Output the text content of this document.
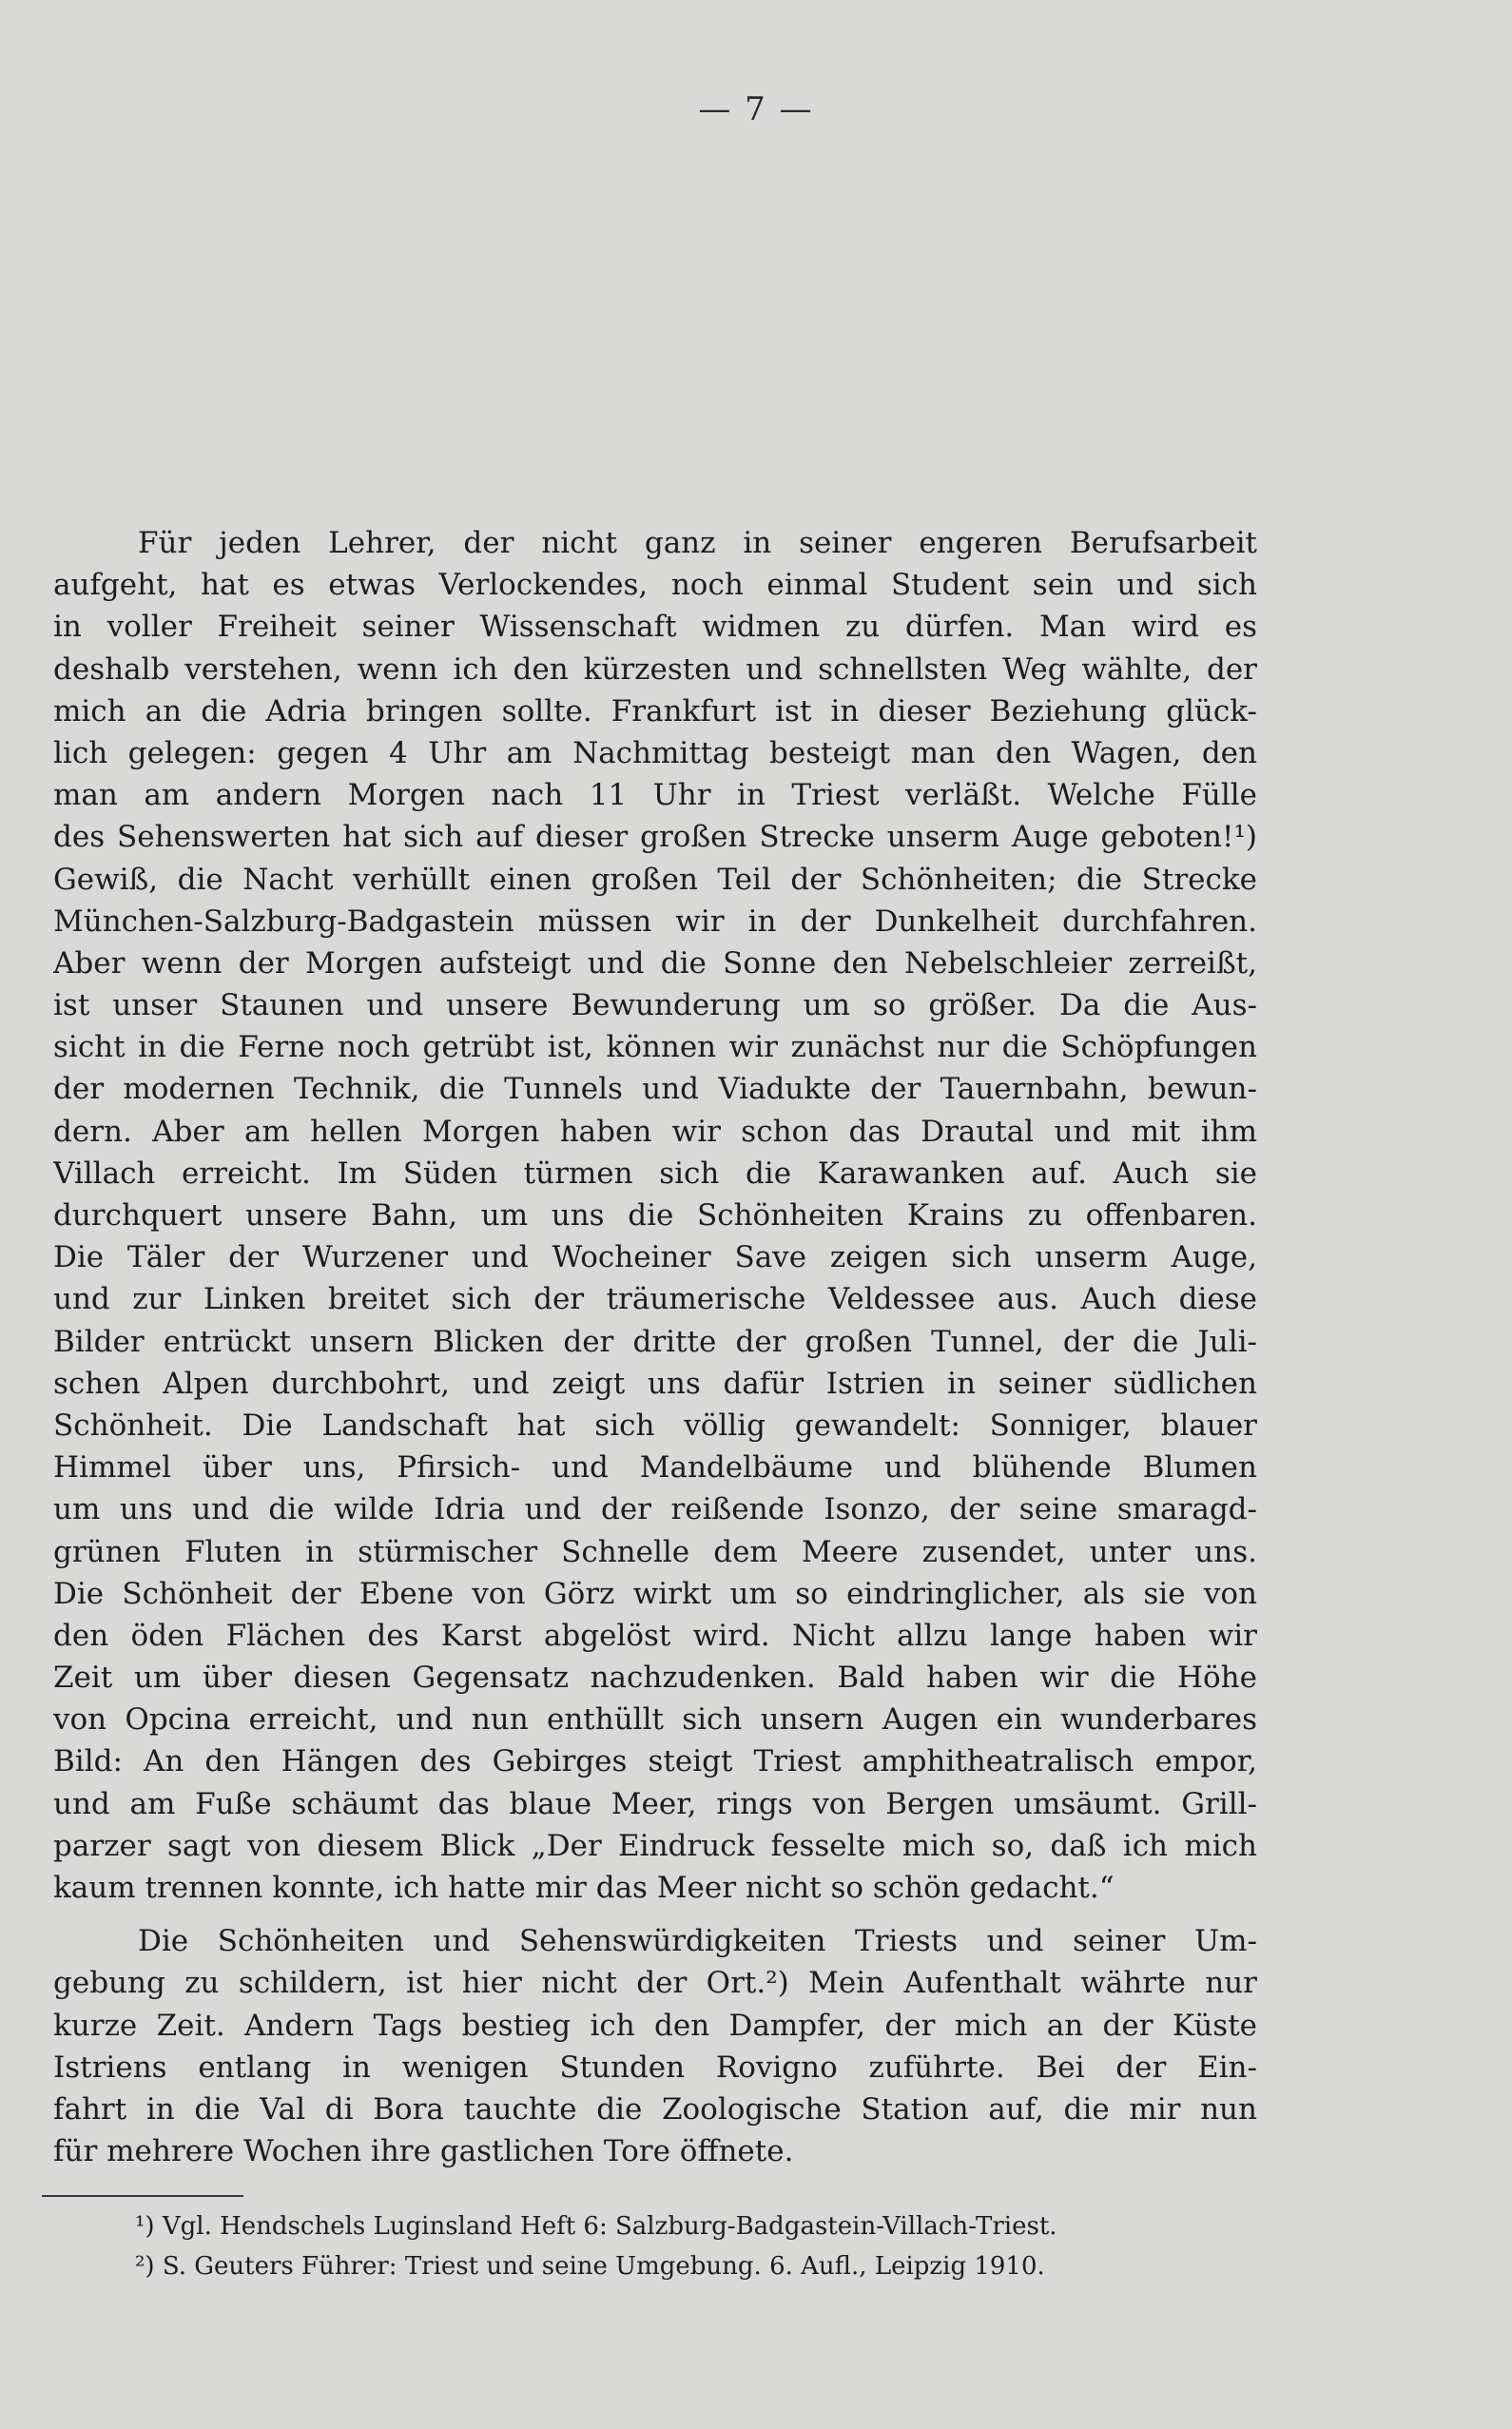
— 7 —
Für jeden Lehrer, der nicht ganz in seiner engeren Berufsarbeit
aufgeht, hat es etwas Verlockendes, noch einmal Student sein und sich
in voller Freiheit seiner Wissenschaft widmen zu dürfen. Man wird es
deshalb verstehen, wenn ich den kürzesten und schnellsten Weg wählte, der
mich an die Adria bringen sollte. Frankfurt ist in dieser Beziehung glück-
lich gelegen: gegen 4 Uhr am Nachmittag besteigt man den Wagen, den
man am andern Morgen nach 11 Uhr in Triest verläßt. Welche Fülle
des Sehenswerten hat sich auf dieser großen Strecke unserm Auge geboten!¹)
Gewiß, die Nacht verhüllt einen großen Teil der Schönheiten; die Strecke
München-Salzburg-Badgastein müssen wir in der Dunkelheit durchfahren.
Aber wenn der Morgen aufsteigt und die Sonne den Nebelschleier zerreißt,
ist unser Staunen und unsere Bewunderung um so größer. Da die Aus-
sicht in die Ferne noch getrübt ist, können wir zunächst nur die Schöpfungen
der modernen Technik, die Tunnels und Viadukte der Tauernbahn, bewun-
dern. Aber am hellen Morgen haben wir schon das Drautal und mit ihm
Villach erreicht. Im Süden türmen sich die Karawanken auf. Auch sie
durchquert unsere Bahn, um uns die Schönheiten Krains zu offenbaren.
Die Täler der Wurzener und Wocheiner Save zeigen sich unserm Auge,
und zur Linken breitet sich der träumerische Veldessee aus. Auch diese
Bilder entrückt unsern Blicken der dritte der großen Tunnel, der die Juli-
schen Alpen durchbohrt, und zeigt uns dafür Istrien in seiner südlichen
Schönheit. Die Landschaft hat sich völlig gewandelt: Sonniger, blauer
Himmel über uns, Pfirsich- und Mandelbäume und blühende Blumen
um uns und die wilde Idria und der reißende Isonzo, der seine smaragd-
grünen Fluten in stürmischer Schnelle dem Meere zusendet, unter uns.
Die Schönheit der Ebene von Görz wirkt um so eindringlicher, als sie von
den öden Flächen des Karst abgelöst wird. Nicht allzu lange haben wir
Zeit um über diesen Gegensatz nachzudenken. Bald haben wir die Höhe
von Opcina erreicht, und nun enthüllt sich unsern Augen ein wunderbares
Bild: An den Hängen des Gebirges steigt Triest amphitheatralisch empor,
und am Fuße schäumt das blaue Meer, rings von Bergen umsäumt. Grill-
parzer sagt von diesem Blick „Der Eindruck fesselte mich so, daß ich mich
kaum trennen konnte, ich hatte mir das Meer nicht so schön gedacht.“
Die Schönheiten und Sehenswürdigkeiten Triests und seiner Um-
gebung zu schildern, ist hier nicht der Ort.²) Mein Aufenthalt währte nur
kurze Zeit. Andern Tags bestieg ich den Dampfer, der mich an der Küste
Istriens entlang in wenigen Stunden Rovigno zuführte. Bei der Ein-
fahrt in die Val di Bora tauchte die Zoologische Station auf, die mir nun
für mehrere Wochen ihre gastlichen Tore öffnete.
¹) Vgl. Hendschels Luginsland Heft 6: Salzburg-Badgastein-Villach-Triest.
²) S. Geuters Führer: Triest und seine Umgebung. 6. Aufl., Leipzig 1910.
